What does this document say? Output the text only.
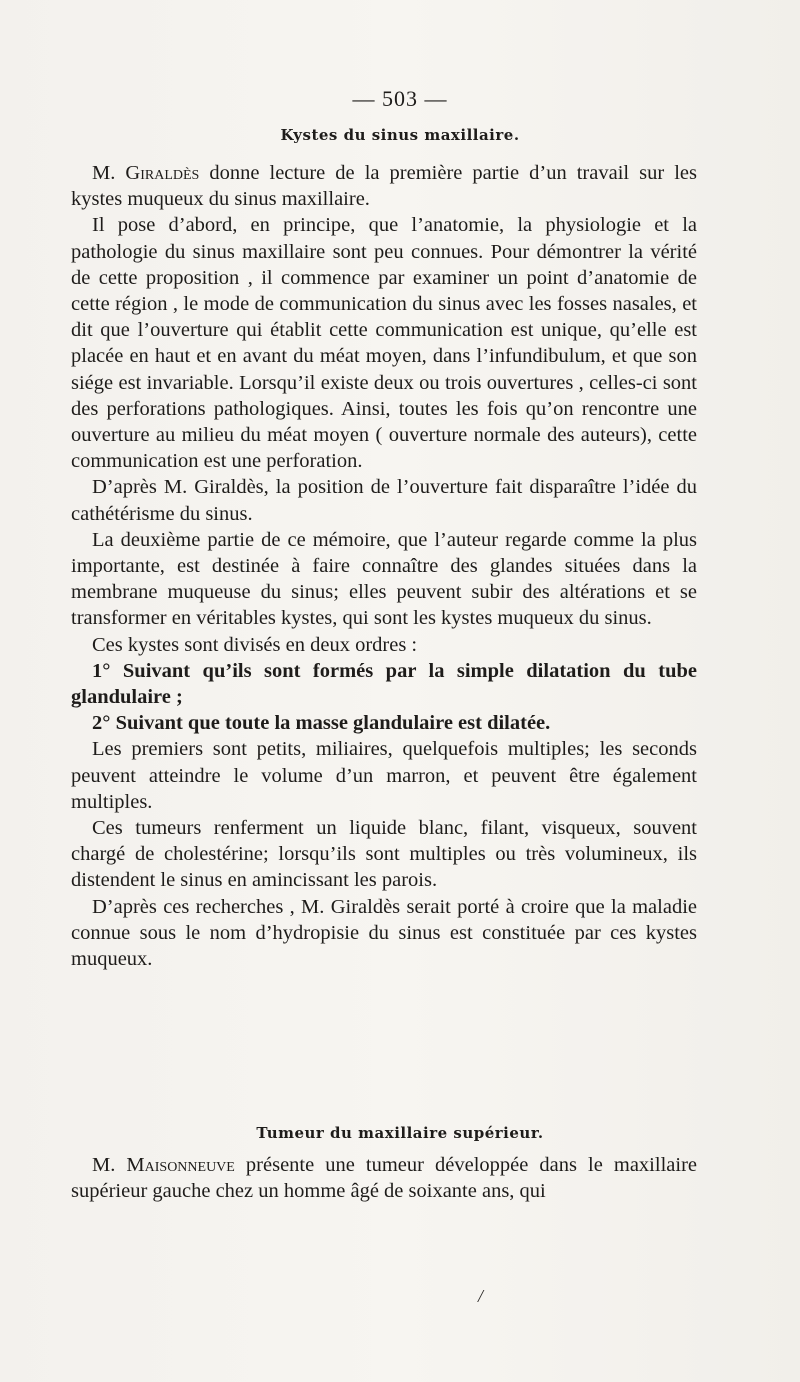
— 503 —
Kystes du sinus maxillaire.

M. Giraldès donne lecture de la première partie d’un travail sur les kystes muqueux du sinus maxillaire.

Il pose d’abord, en principe, que l’anatomie, la physiologie et la pathologie du sinus maxillaire sont peu connues. Pour démontrer la vérité de cette proposition , il commence par examiner un point d’anatomie de cette région , le mode de communication du sinus avec les fosses nasales, et dit que l’ouverture qui établit cette communication est unique, qu’elle est placée en haut et en avant du méat moyen, dans l’infundibulum, et que son siége est invariable. Lorsqu’il existe deux ou trois ouvertures , celles-ci sont des perforations pathologiques. Ainsi, toutes les fois qu’on rencontre une ouverture au milieu du méat moyen ( ouverture normale des auteurs), cette communication est une perforation.

D’après M. Giraldès, la position de l’ouverture fait disparaître l’idée du cathétérisme du sinus.

La deuxième partie de ce mémoire, que l’auteur regarde comme la plus importante, est destinée à faire connaître des glandes situées dans la membrane muqueuse du sinus; elles peuvent subir des altérations et se transformer en véritables kystes, qui sont les kystes muqueux du sinus.

Ces kystes sont divisés en deux ordres :

1° Suivant qu’ils sont formés par la simple dilatation du tube glandulaire ;

2° Suivant que toute la masse glandulaire est dilatée.

Les premiers sont petits, miliaires, quelquefois multiples; les seconds peuvent atteindre le volume d’un marron, et peuvent être également multiples.

Ces tumeurs renferment un liquide blanc, filant, visqueux, souvent chargé de cholestérine; lorsqu’ils sont multiples ou très volumineux, ils distendent le sinus en amincissant les parois.

D’après ces recherches , M. Giraldès serait porté à croire que la maladie connue sous le nom d’hydropisie du sinus est constituée par ces kystes muqueux.

Tumeur du maxillaire supérieur.

M. Maisonneuve présente une tumeur développée dans le maxillaire supérieur gauche chez un homme âgé de soixante ans, qui

/
